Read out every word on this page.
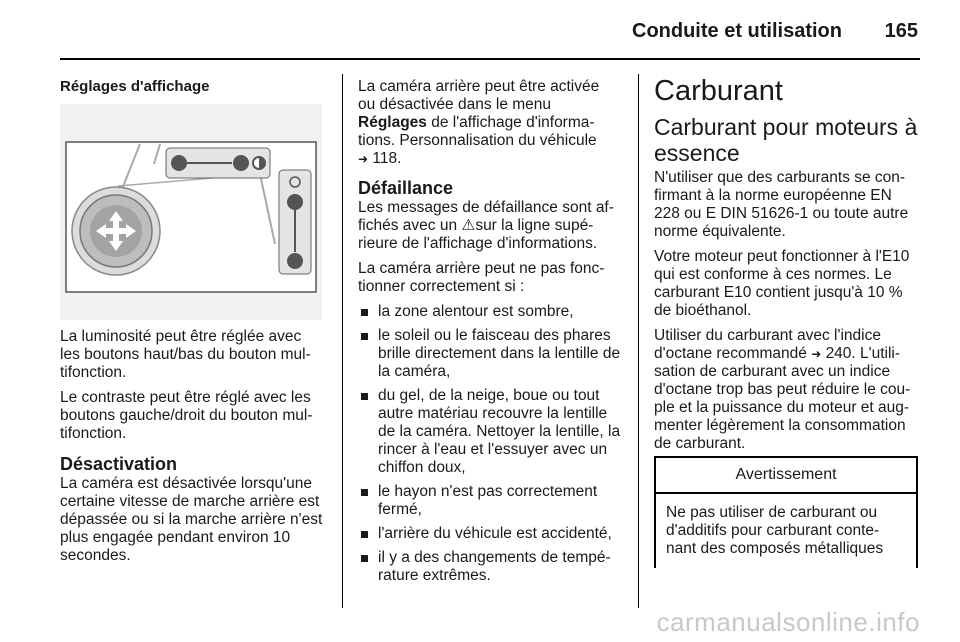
Conduite et utilisation 165
Réglages d'affichage

La luminosité peut être réglée avec les boutons haut/bas du bouton mul-tifonction.

Le contraste peut être réglé avec les boutons gauche/droit du bouton mul-tifonction.

Désactivation

La caméra est désactivée lorsqu'une certaine vitesse de marche arrière est dépassée ou si la marche arrière n'est plus engagée pendant environ 10 secondes.

La caméra arrière peut être activée
ou désactivée dans le menu
Réglages de l'affichage d'informa-tions. Personnalisation du véhicule
➜ 118.

Défaillance

Les messages de défaillance sont af-fichés avec un ⚠sur la ligne supé-rieure de l'affichage d'informations.

La caméra arrière peut ne pas fonc-tionner correctement si :

la zone alentour est sombre,
le soleil ou le faisceau des phares brille directement dans la lentille de la caméra,
du gel, de la neige, boue ou tout autre matériau recouvre la lentille de la caméra. Nettoyer la lentille, la rincer à l'eau et l'essuyer avec un chiffon doux,
le hayon n'est pas correctement fermé,
l'arrière du véhicule est accidenté,
il y a des changements de tempé-rature extrêmes.
Carburant
Carburant pour moteurs à essence

N'utiliser que des carburants se con-firmant à la norme européenne EN 228 ou E DIN 51626-1 ou toute autre norme équivalente.

Votre moteur peut fonctionner à l'E10 qui est conforme à ces normes. Le carburant E10 contient jusqu'à 10 % de bioéthanol.

Utiliser du carburant avec l'indice d'octane recommandé ➜ 240. L'utili- sation de carburant avec un indice d'octane trop bas peut réduire le cou-ple et la puissance du moteur et aug-menter légèrement la consommation de carburant.

Avertissement
Ne pas utiliser de carburant ou d'additifs pour carburant conte-nant des composés métalliques
carmanualsonline.info
